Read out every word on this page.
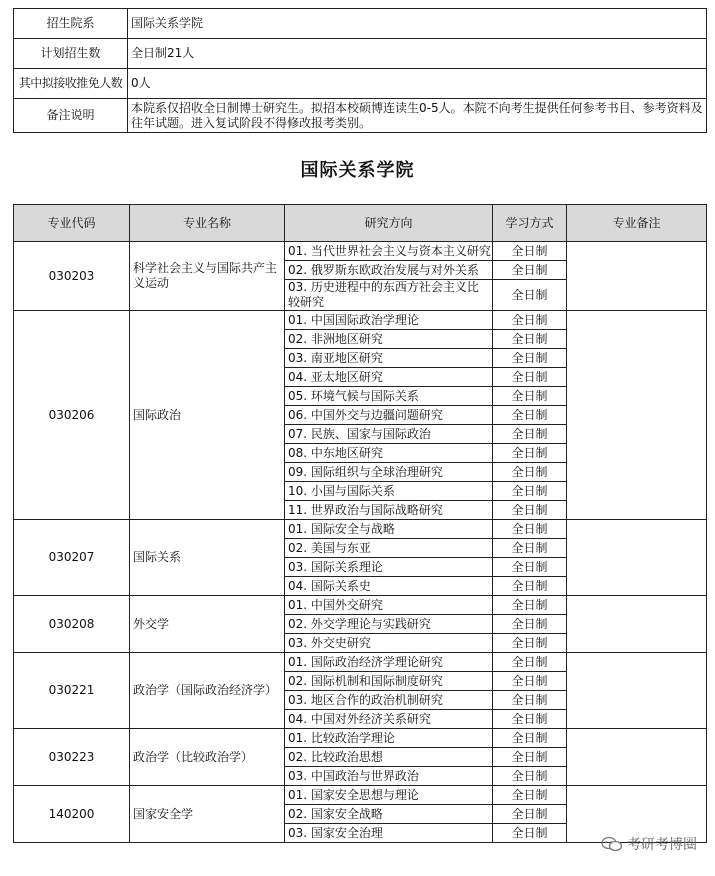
招生院系	国际关系学院
计划招生数	全日制21人
其中拟接收推免人数	0人
备注说明	本院系仅招收全日制博士研究生。拟招本校硕博连读生0-5人。本院不向考生提供任何参考书目、参考资料及往年试题。进入复试阶段不得修改报考类别。
国际关系学院
专业代码	专业名称	研究方向	学习方式	专业备注
030203	科学社会主义与国际共产主义运动	01. 当代世界社会主义与资本主义研究	全日制	
		02. 俄罗斯东欧政治发展与对外关系	全日制	
		03. 历史进程中的东西方社会主义比较研究	全日制	
030206	国际政治	01. 中国国际政治学理论	全日制	
		02. 非洲地区研究	全日制	
		03. 南亚地区研究	全日制	
		04. 亚太地区研究	全日制	
		05. 环境气候与国际关系	全日制	
		06. 中国外交与边疆问题研究	全日制	
		07. 民族、国家与国际政治	全日制	
		08. 中东地区研究	全日制	
		09. 国际组织与全球治理研究	全日制	
		10. 小国与国际关系	全日制	
		11. 世界政治与国际战略研究	全日制	
030207	国际关系	01. 国际安全与战略	全日制	
		02. 美国与东亚	全日制	
		03. 国际关系理论	全日制	
		04. 国际关系史	全日制	
030208	外交学	01. 中国外交研究	全日制	
		02. 外交学理论与实践研究	全日制	
		03. 外交史研究	全日制	
030221	政治学（国际政治经济学）	01. 国际政治经济学理论研究	全日制	
		02. 国际机制和国际制度研究	全日制	
		03. 地区合作的政治机制研究	全日制	
		04. 中国对外经济关系研究	全日制	
030223	政治学（比较政治学）	01. 比较政治学理论	全日制	
		02. 比较政治思想	全日制	
		03. 中国政治与世界政治	全日制	
140200	国家安全学	01. 国家安全思想与理论	全日制	
		02. 国家安全战略	全日制	
		03. 国家安全治理	全日制	
考研考博圈
